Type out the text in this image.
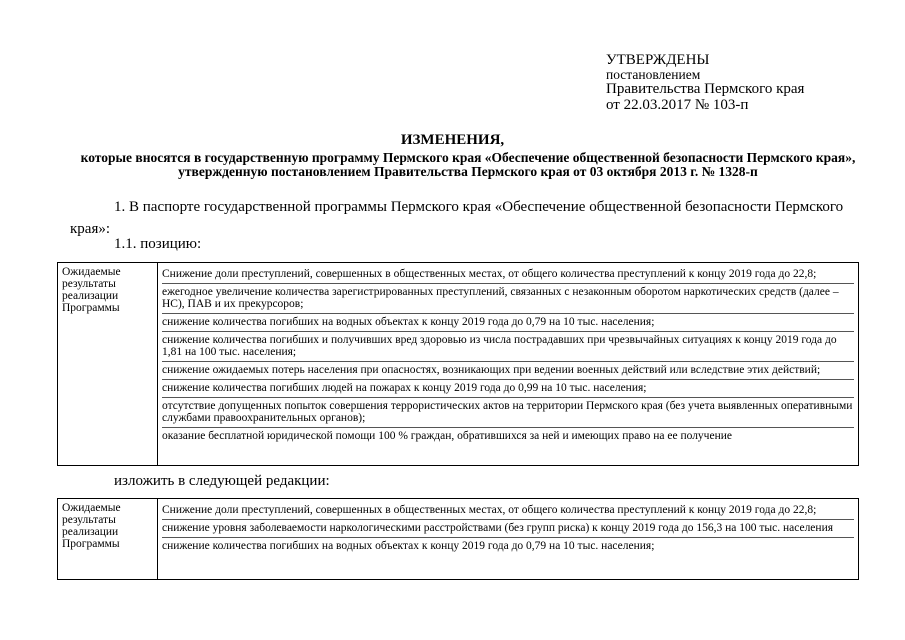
УТВЕРЖДЕНЫ
постановлением
Правительства Пермского края
от 22.03.2017 № 103-п
ИЗМЕНЕНИЯ,
которые вносятся в государственную программу Пермского края «Обеспечение общественной безопасности Пермского края», утвержденную постановлением Правительства Пермского края от 03 октября 2013 г. № 1328-п
1. В паспорте государственной программы Пермского края «Обеспечение общественной безопасности Пермского края»:
1.1. позицию:
Ожидаемые результаты реализации Программы	
Снижение доли преступлений, совершенных в общественных местах, от общего количества преступлений к концу 2019 года до 22,8;
ежегодное увеличение количества зарегистрированных преступлений, связанных с незаконным оборотом наркотических средств (далее – НС), ПАВ и их прекурсоров;
снижение количества погибших на водных объектах к концу 2019 года до 0,79 на 10 тыс. населения;
снижение количества погибших и получивших вред здоровью из числа пострадавших при чрезвычайных ситуациях к концу 2019 года до 1,81 на 100 тыс. населения;
снижение ожидаемых потерь населения при опасностях, возникающих при ведении военных действий или вследствие этих действий;
снижение количества погибших людей на пожарах к концу 2019 года до 0,99 на 10 тыс. населения;
отсутствие допущенных попыток совершения террористических актов на территории Пермского края (без учета выявленных оперативными службами правоохранительных органов);
оказание бесплатной юридической помощи 100 % граждан, обратившихся за ней и имеющих право на ее получение
изложить в следующей редакции:
Ожидаемые результаты реализации Программы	
Снижение доли преступлений, совершенных в общественных местах, от общего количества преступлений к концу 2019 года до 22,8;
снижение уровня заболеваемости наркологическими расстройствами (без групп риска) к концу 2019 года до 156,3 на 100 тыс. населения
снижение количества погибших на водных объектах к концу 2019 года до 0,79 на 10 тыс. населения;
